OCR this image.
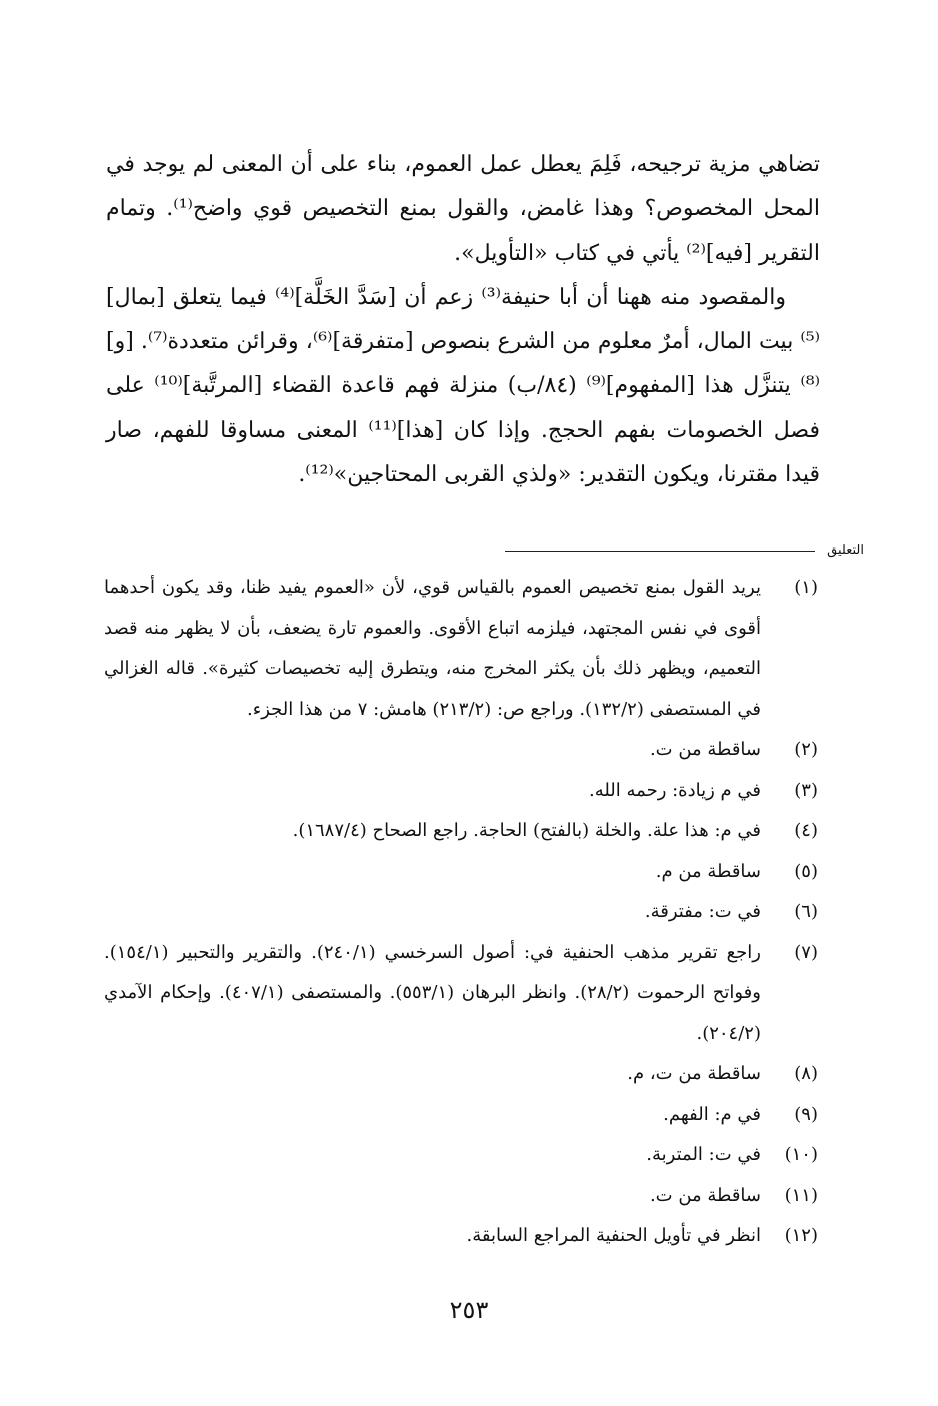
تضاهي مزية ترجيحه، فَلِمَ يعطل عمل العموم، بناء على أن المعنى لم يوجد في المحل المخصوص؟ وهذا غامض، والقول بمنع التخصيص قوي واضح⁽¹⁾. وتمام التقرير [فيه]⁽²⁾ يأتي في كتاب «التأويل».

والمقصود منه ههنا أن أبا حنيفة⁽³⁾ زعم أن [سَدَّ الخَلَّة]⁽⁴⁾ فيما يتعلق [بمال]⁽⁵⁾ بيت المال، أمرٌ معلوم من الشرع بنصوص [متفرقة]⁽⁶⁾، وقرائن متعددة⁽⁷⁾. [و]⁽⁸⁾ يتنزَّل هذا [المفهوم]⁽⁹⁾ (٨٤/ب) منزلة فهم قاعدة القضاء [المرتَّبة]⁽¹⁰⁾ على فصل الخصومات بفهم الحجج. وإذا كان [هذا]⁽¹¹⁾ المعنى مساوقا للفهم، صار قيدا مقترنا، ويكون التقدير: «ولذي القربى المحتاجين»⁽¹²⁾.

التعليق
(١)
يريد القول بمنع تخصيص العموم بالقياس قوي، لأن «العموم يفيد ظنا، وقد يكون أحدهما أقوى في نفس المجتهد، فيلزمه اتباع الأقوى. والعموم تارة يضعف، بأن لا يظهر منه قصد التعميم، ويظهر ذلك بأن يكثر المخرج منه، ويتطرق إليه تخصيصات كثيرة». قاله الغزالي في المستصفى (١٣٢/٢). وراجع ص: (٢١٣/٢) هامش: ٧ من هذا الجزء.
(٢)
ساقطة من ت.
(٣)
في م زيادة: رحمه الله.
(٤)
في م: هذا علة. والخلة (بالفتح) الحاجة. راجع الصحاح (١٦٨٧/٤).
(٥)
ساقطة من م.
(٦)
في ت: مفترقة.
(٧)
راجع تقرير مذهب الحنفية في: أصول السرخسي (٢٤٠/١). والتقرير والتحبير (١٥٤/١). وفواتح الرحموت (٢٨/٢). وانظر البرهان (٥٥٣/١). والمستصفى (٤٠٧/١). وإحكام الآمدي (٢٠٤/٢).
(٨)
ساقطة من ت، م.
(٩)
في م: الفهم.
(١٠)
في ت: المتربة.
(١١)
ساقطة من ت.
(١٢)
انظر في تأويل الحنفية المراجع السابقة.
٢٥٣
